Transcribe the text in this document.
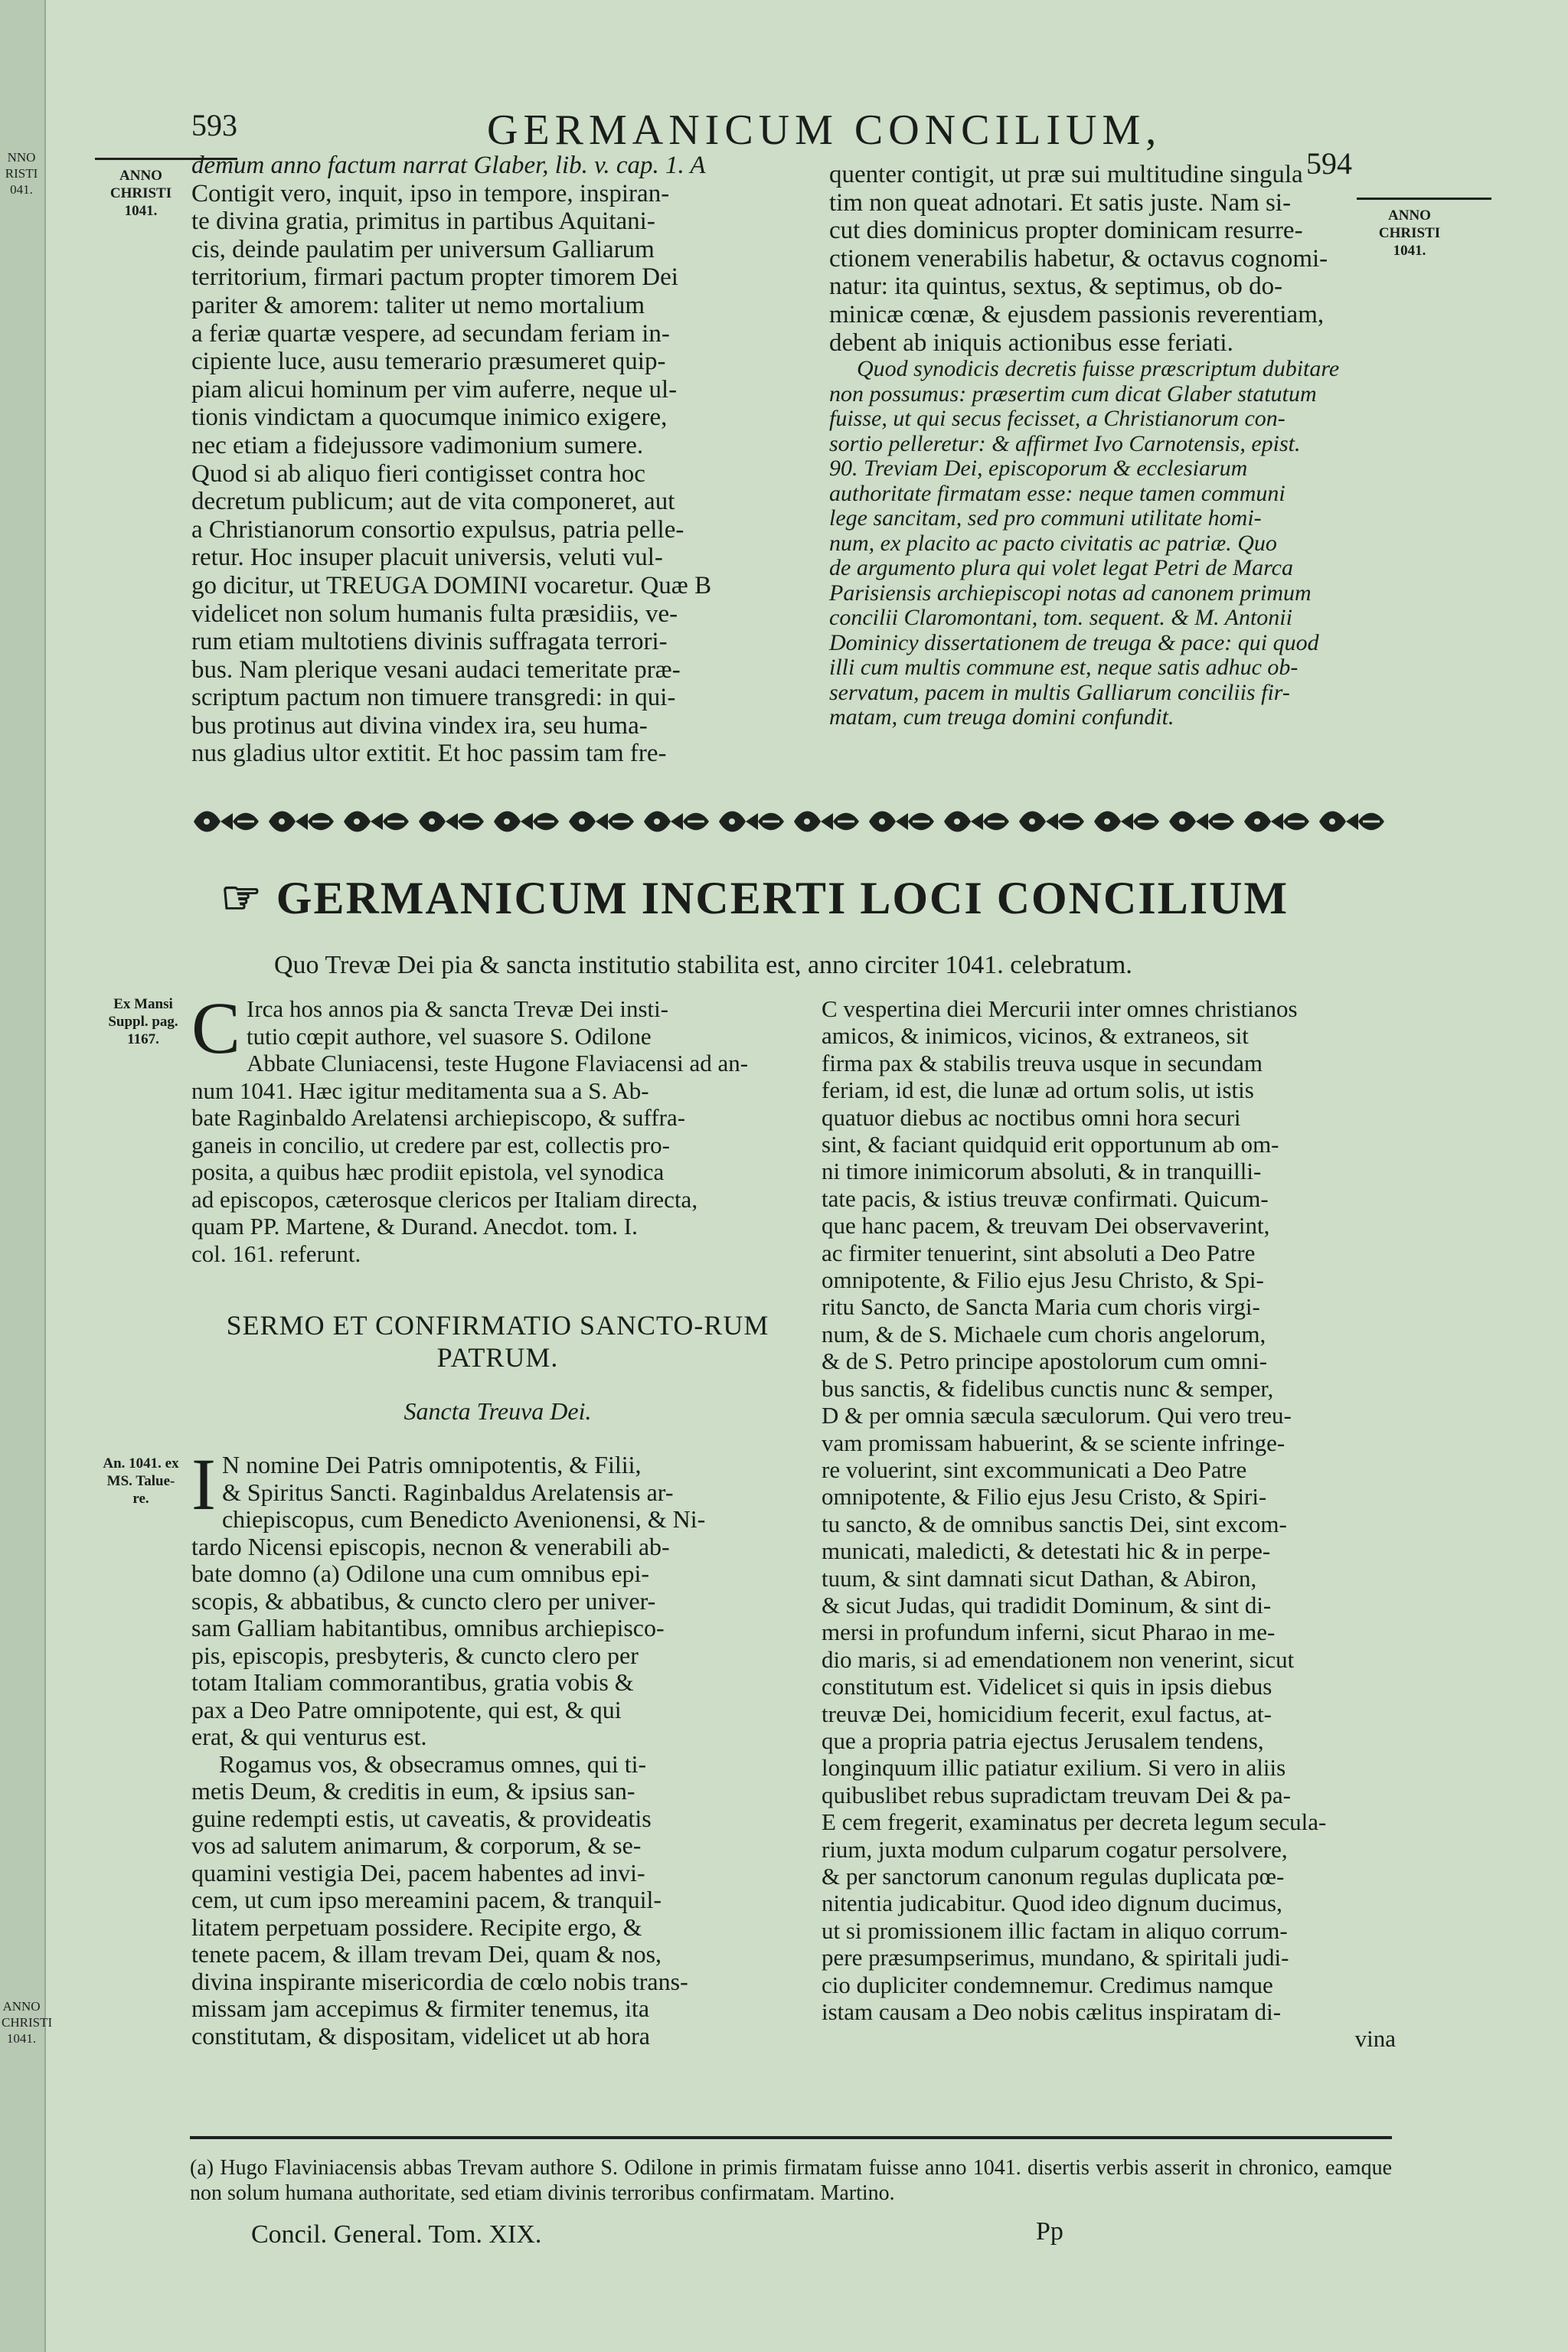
NNO
RISTI
041.
ANNO
CHRISTI
1041.
593	GERMANICUM CONCILIUM,
594
ANNO
CHRISTI
1041.	ANNO
CHRISTI
1041.

demum anno factum narrat Glaber, lib. v. cap. 1. A

Contigit vero, inquit, ipso in tempore, inspiran-

te divina gratia, primitus in partibus Aquitani-

cis, deinde paulatim per universum Galliarum

territorium, firmari pactum propter timorem Dei

pariter & amorem: taliter ut nemo mortalium

a feriæ quartæ vespere, ad secundam feriam in-

cipiente luce, ausu temerario præsumeret quip-

piam alicui hominum per vim auferre, neque ul-

tionis vindictam a quocumque inimico exigere,

nec etiam a fidejussore vadimonium sumere.

Quod si ab aliquo fieri contigisset contra hoc

decretum publicum; aut de vita componeret, aut

a Christianorum consortio expulsus, patria pelle-

retur. Hoc insuper placuit universis, veluti vul-

go dicitur, ut TREUGA DOMINI vocaretur. Quæ B

videlicet non solum humanis fulta præsidiis, ve-

rum etiam multotiens divinis suffragata terrori-

bus. Nam plerique vesani audaci temeritate præ-

scriptum pactum non timuere transgredi: in qui-

bus protinus aut divina vindex ira, seu huma-

nus gladius ultor extitit. Et hoc passim tam fre-

quenter contigit, ut præ sui multitudine singula

tim non queat adnotari. Et satis juste. Nam si-

cut dies dominicus propter dominicam resurre-

ctionem venerabilis habetur, & octavus cognomi-

natur: ita quintus, sextus, & septimus, ob do-

minicæ cœnæ, & ejusdem passionis reverentiam,

debent ab iniquis actionibus esse feriati.

Quod synodicis decretis fuisse præscriptum dubitare

non possumus: præsertim cum dicat Glaber statutum

fuisse, ut qui secus fecisset, a Christianorum con-

sortio pelleretur: & affirmet Ivo Carnotensis, epist.

90. Treviam Dei, episcoporum & ecclesiarum

authoritate firmatam esse: neque tamen communi

lege sancitam, sed pro communi utilitate homi-

num, ex placito ac pacto civitatis ac patriæ. Quo

de argumento plura qui volet legat Petri de Marca

Parisiensis archiepiscopi notas ad canonem primum

concilii Claromontani, tom. sequent. & M. Antonii

Dominicy dissertationem de treuga & pace: qui quod

illi cum multis commune est, neque satis adhuc ob-

servatum, pacem in multis Galliarum conciliis fir-

matam, cum treuga domini confundit.

☞ GERMANICUM INCERTI LOCI CONCILIUM
Quo Trevæ Dei pia & sancta institutio stabilita est, anno circiter 1041. celebratum.
Ex Mansi
Suppl. pag.
1167. C Irca hos annos pia & sancta Trevæ Dei insti-

tutio cœpit authore, vel suasore S. Odilone

Abbate Cluniacensi, teste Hugone Flaviacensi ad an-

num 1041. Hæc igitur meditamenta sua a S. Ab-

bate Raginbaldo Arelatensi archiepiscopo, & suffra-

ganeis in concilio, ut credere par est, collectis pro-

posita, a quibus hæc prodiit epistola, vel synodica

ad episcopos, cæterosque clericos per Italiam directa,

quam PP. Martene, & Durand. Anecdot. tom. I.

col. 161. referunt.

SERMO ET CONFIRMATIO SANCTO-RUM PATRUM.
Sancta Treuva Dei.
An. 1041. ex
MS. Talue-
re. I N nomine Dei Patris omnipotentis, & Filii,

& Spiritus Sancti. Raginbaldus Arelatensis ar-

chiepiscopus, cum Benedicto Avenionensi, & Ni-

tardo Nicensi episcopis, necnon & venerabili ab-

bate domno (a) Odilone una cum omnibus epi-

scopis, & abbatibus, & cuncto clero per univer-

sam Galliam habitantibus, omnibus archiepisco-

pis, episcopis, presbyteris, & cuncto clero per

totam Italiam commorantibus, gratia vobis &

pax a Deo Patre omnipotente, qui est, & qui

erat, & qui venturus est.

Rogamus vos, & obsecramus omnes, qui ti-

metis Deum, & creditis in eum, & ipsius san-

guine redempti estis, ut caveatis, & provideatis

vos ad salutem animarum, & corporum, & se-

quamini vestigia Dei, pacem habentes ad invi-

cem, ut cum ipso mereamini pacem, & tranquil-

litatem perpetuam possidere. Recipite ergo, &

tenete pacem, & illam trevam Dei, quam & nos,

divina inspirante misericordia de cœlo nobis trans-

missam jam accepimus & firmiter tenemus, ita

constitutam, & dispositam, videlicet ut ab hora

C vespertina diei Mercurii inter omnes christianos

amicos, & inimicos, vicinos, & extraneos, sit

firma pax & stabilis treuva usque in secundam

feriam, id est, die lunæ ad ortum solis, ut istis

quatuor diebus ac noctibus omni hora securi

sint, & faciant quidquid erit opportunum ab om-

ni timore inimicorum absoluti, & in tranquilli-

tate pacis, & istius treuvæ confirmati. Quicum-

que hanc pacem, & treuvam Dei observaverint,

ac firmiter tenuerint, sint absoluti a Deo Patre

omnipotente, & Filio ejus Jesu Christo, & Spi-

ritu Sancto, de Sancta Maria cum choris virgi-

num, & de S. Michaele cum choris angelorum,

& de S. Petro principe apostolorum cum omni-

bus sanctis, & fidelibus cunctis nunc & semper,

D & per omnia sæcula sæculorum. Qui vero treu-

vam promissam habuerint, & se sciente infringe-

re voluerint, sint excommunicati a Deo Patre

omnipotente, & Filio ejus Jesu Cristo, & Spiri-

tu sancto, & de omnibus sanctis Dei, sint excom-

municati, maledicti, & detestati hic & in perpe-

tuum, & sint damnati sicut Dathan, & Abiron,

& sicut Judas, qui tradidit Dominum, & sint di-

mersi in profundum inferni, sicut Pharao in me-

dio maris, si ad emendationem non venerint, sicut

constitutum est. Videlicet si quis in ipsis diebus

treuvæ Dei, homicidium fecerit, exul factus, at-

que a propria patria ejectus Jerusalem tendens,

longinquum illic patiatur exilium. Si vero in aliis

quibuslibet rebus supradictam treuvam Dei & pa-

E cem fregerit, examinatus per decreta legum secula-

rium, juxta modum culparum cogatur persolvere,

& per sanctorum canonum regulas duplicata pœ-

nitentia judicabitur. Quod ideo dignum ducimus,

ut si promissionem illic factam in aliquo corrum-

pere præsumpserimus, mundano, & spiritali judi-

cio dupliciter condemnemur. Credimus namque

istam causam a Deo nobis cælitus inspiratam di-

vina

(a) Hugo Flaviniacensis abbas Trevam authore S. Odilone in primis firmatam fuisse anno 1041. disertis verbis asserit in chronico, eamque non solum humana authoritate, sed etiam divinis terroribus confirmatam. Martino.
Concil. General. Tom. XIX.	Pp
